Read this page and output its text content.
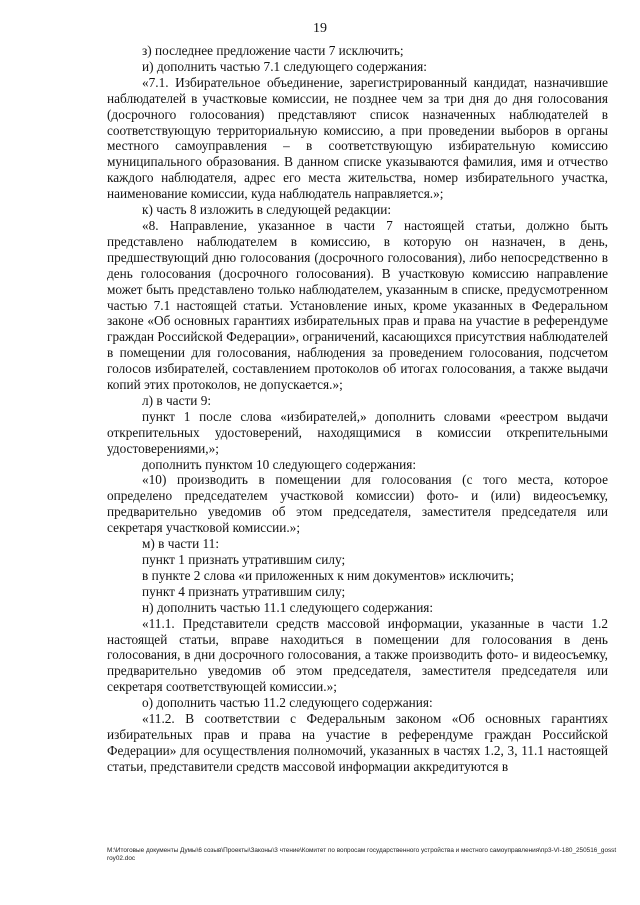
19

з) последнее предложение части 7 исключить;

и) дополнить частью 7.1 следующего содержания:

«7.1. Избирательное объединение, зарегистрированный кандидат, назначившие наблюдателей в участковые комиссии, не позднее чем за три дня до дня голосования (досрочного голосования) представляют список назначенных наблюдателей в соответствующую территориальную комиссию, а при проведении выборов в органы местного самоуправления – в соответствующую избирательную комиссию муниципального образования. В данном списке указываются фамилия, имя и отчество каждого наблюдателя, адрес его места жительства, номер избирательного участка, наименование комиссии, куда наблюдатель направляется.»;

к) часть 8 изложить в следующей редакции:

«8. Направление, указанное в части 7 настоящей статьи, должно быть представлено наблюдателем в комиссию, в которую он назначен, в день, предшествующий дню голосования (досрочного голосования), либо непосредственно в день голосования (досрочного голосования). В участковую комиссию направление может быть представлено только наблюдателем, указанным в списке, предусмотренном частью 7.1 настоящей статьи. Установление иных, кроме указанных в Федеральном законе «Об основных гарантиях избирательных прав и права на участие в референдуме граждан Российской Федерации», ограничений, касающихся присутствия наблюдателей в помещении для голосования, наблюдения за проведением голосования, подсчетом голосов избирателей, составлением протоколов об итогах голосования, а также выдачи копий этих протоколов, не допускается.»;

л) в части 9:

пункт 1 после слова «избирателей,» дополнить словами «реестром выдачи открепительных удостоверений, находящимися в комиссии открепительными удостоверениями,»;

дополнить пунктом 10 следующего содержания:

«10) производить в помещении для голосования (с того места, которое определено председателем участковой комиссии) фото- и (или) видеосъемку, предварительно уведомив об этом председателя, заместителя председателя или секретаря участковой комиссии.»;

м) в части 11:

пункт 1 признать утратившим силу;

в пункте 2 слова «и приложенных к ним документов» исключить;

пункт 4 признать утратившим силу;

н) дополнить частью 11.1 следующего содержания:

«11.1. Представители средств массовой информации, указанные в части 1.2 настоящей статьи, вправе находиться в помещении для голосования в день голосования, в дни досрочного голосования, а также производить фото- и видеосъемку, предварительно уведомив об этом председателя, заместителя председателя или секретаря соответствующей комиссии.»;

о) дополнить частью 11.2 следующего содержания:

«11.2. В соответствии с Федеральным законом «Об основных гарантиях избирательных прав и права на участие в референдуме граждан Российской Федерации» для осуществления полномочий, указанных в частях 1.2, 3, 11.1 настоящей статьи, представители средств массовой информации аккредитуются в

M:\Итоговые документы Думы\6 созыв\Проекты\Законы\3 чтение\Комитет по вопросам государственного устройства и местного самоуправления\пр3-VI-180_250516_gosstroy02.doc
